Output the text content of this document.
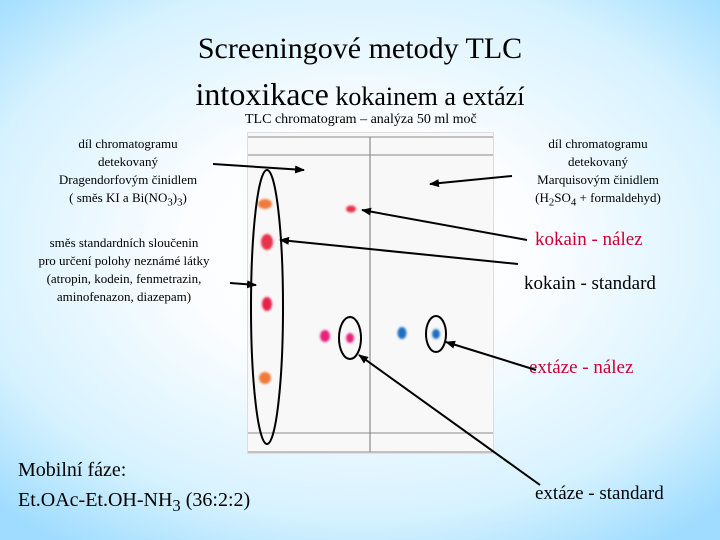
Screeningové metody TLC
intoxikace kokainem a extází
TLC chromatogram – analýza 50 ml moč
díl chromatogramu
detekovaný
Dragendorfovým činidlem
( směs KI a $Bi(NO_3)_3$)
směs standardních sloučenin
pro určení polohy neznámé látky
(atropin, kodein, fenmetrazin,
aminofenazon, diazepam)
díl chromatogramu
detekovaný
Marquisovým činidlem
($H_2SO_4$ + formaldehyd)
kokain - nález
kokain - standard
extáze - nález
extáze - standard
Mobilní fáze:
$Et.OAc-Et.OH-NH_3$ (36:2:2)
